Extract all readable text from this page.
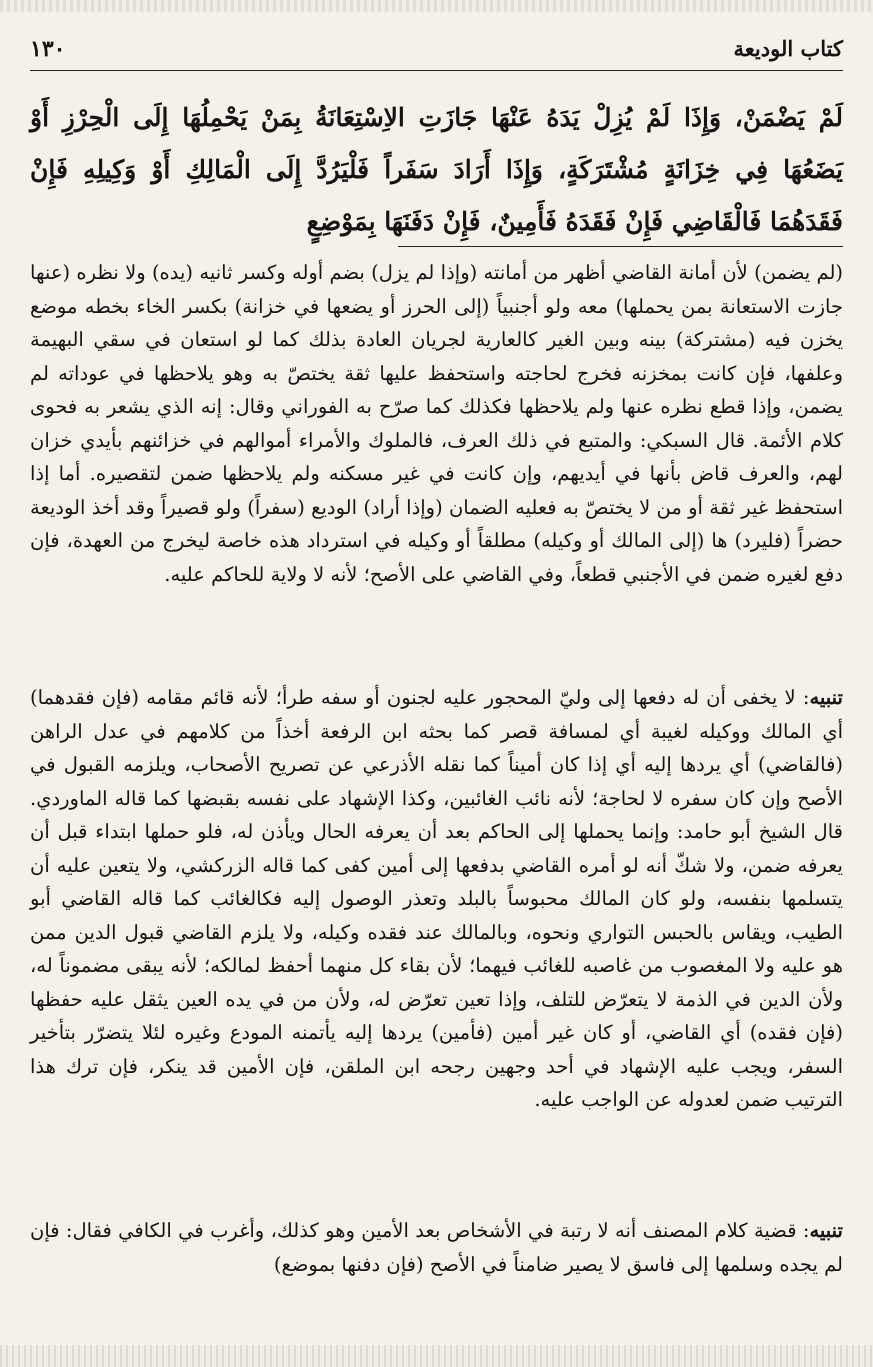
كتاب الوديعة
١٣٠
لَمْ يَضْمَنْ، وَإِذَا لَمْ يُزِلْ يَدَهُ عَنْهَا جَازَتِ الاِسْتِعَانَةُ بِمَنْ يَحْمِلُهَا إِلَى الْحِرْزِ أَوْ يَضَعُهَا فِي خِزَانَةٍ مُشْتَرَكَةٍ، وَإِذَا أَرَادَ سَفَراً فَلْيَرُدَّ إِلَى الْمَالِكِ أَوْ وَكِيلِهِ فَإِنْ فَقَدَهُمَا فَالْقَاضِي فَإِنْ فَقَدَهُ فَأَمِينٌ، فَإِنْ دَفَنَهَا بِمَوْضِعٍ

(لم يضمن) لأن أمانة القاضي أظهر من أمانته (وإذا لم يزل) بضم أوله وكسر ثانيه (يده) ولا نظره (عنها جازت الاستعانة بمن يحملها) معه ولو أجنبياً (إلى الحرز أو يضعها في خزانة) بكسر الخاء بخطه موضع يخزن فيه (مشتركة) بينه وبين الغير كالعارية لجريان العادة بذلك كما لو استعان في سقي البهيمة وعلفها، فإن كانت بمخزنه فخرج لحاجته واستحفظ عليها ثقة يختصّ به وهو يلاحظها في عوداته لم يضمن، وإذا قطع نظره عنها ولم يلاحظها فكذلك كما صرّح به الفوراني وقال: إنه الذي يشعر به فحوى كلام الأئمة. قال السبكي: والمتبع في ذلك العرف، فالملوك والأمراء أموالهم في خزائنهم بأيدي خزان لهم، والعرف قاض بأنها في أيديهم، وإن كانت في غير مسكنه ولم يلاحظها ضمن لتقصيره. أما إذا استحفظ غير ثقة أو من لا يختصّ به فعليه الضمان (وإذا أراد) الوديع (سفراً) ولو قصيراً وقد أخذ الوديعة حضراً (فليرد) ها (إلى المالك أو وكيله) مطلقاً أو وكيله في استرداد هذه خاصة ليخرج من العهدة، فإن دفع لغيره ضمن في الأجنبي قطعاً، وفي القاضي على الأصح؛ لأنه لا ولاية للحاكم عليه.

تنبيه: لا يخفى أن له دفعها إلى وليّ المحجور عليه لجنون أو سفه طرأ؛ لأنه قائم مقامه (فإن فقدهما) أي المالك ووكيله لغيبة أي لمسافة قصر كما بحثه ابن الرفعة أخذاً من كلامهم في عدل الراهن (فالقاضي) أي يردها إليه أي إذا كان أميناً كما نقله الأذرعي عن تصريح الأصحاب، ويلزمه القبول في الأصح وإن كان سفره لا لحاجة؛ لأنه نائب الغائبين، وكذا الإشهاد على نفسه بقبضها كما قاله الماوردي. قال الشيخ أبو حامد: وإنما يحملها إلى الحاكم بعد أن يعرفه الحال ويأذن له، فلو حملها ابتداء قبل أن يعرفه ضمن، ولا شكّ أنه لو أمره القاضي بدفعها إلى أمين كفى كما قاله الزركشي، ولا يتعين عليه أن يتسلمها بنفسه، ولو كان المالك محبوساً بالبلد وتعذر الوصول إليه فكالغائب كما قاله القاضي أبو الطيب، ويقاس بالحبس التواري ونحوه، وبالمالك عند فقده وكيله، ولا يلزم القاضي قبول الدين ممن هو عليه ولا المغصوب من غاصبه للغائب فيهما؛ لأن بقاء كل منهما أحفظ لمالكه؛ لأنه يبقى مضموناً له، ولأن الدين في الذمة لا يتعرّض للتلف، وإذا تعين تعرّض له، ولأن من في يده العين يثقل عليه حفظها (فإن فقده) أي القاضي، أو كان غير أمين (فأمين) يردها إليه يأتمنه المودع وغيره لئلا يتضرّر بتأخير السفر، ويجب عليه الإشهاد في أحد وجهين رجحه ابن الملقن، فإن الأمين قد ينكر، فإن ترك هذا الترتيب ضمن لعدوله عن الواجب عليه.

تنبيه: قضية كلام المصنف أنه لا رتبة في الأشخاص بعد الأمين وهو كذلك، وأغرب في الكافي فقال: فإن لم يجده وسلمها إلى فاسق لا يصير ضامناً في الأصح (فإن دفنها بموضع)
